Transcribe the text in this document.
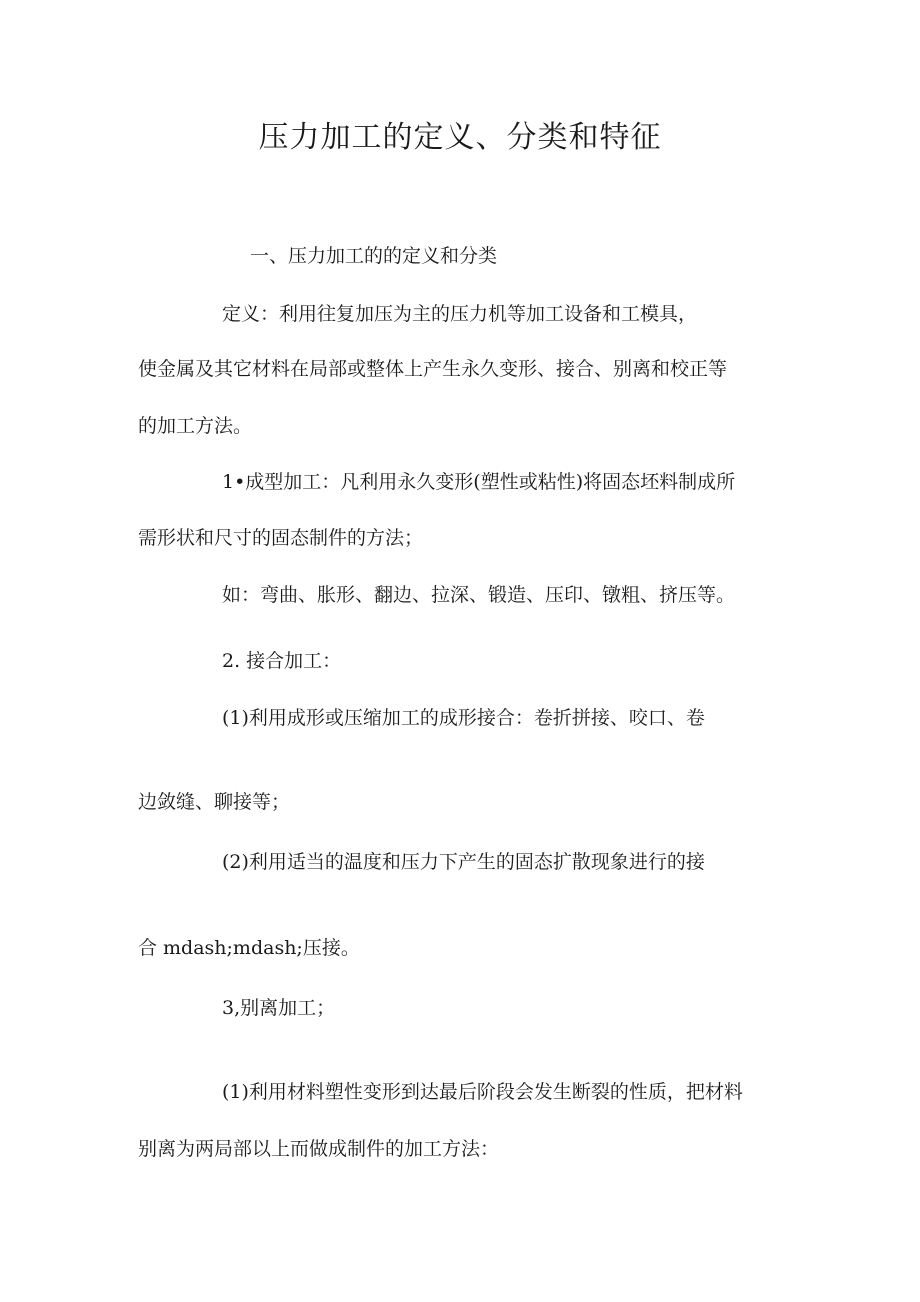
压力加工的定义、分类和特征

一、压力加工的的定义和分类

定义：利用往复加压为主的压力机等加工设备和工模具，

使金属及其它材料在局部或整体上产生永久变形、接合、别离和校正等

的加工方法。

1•成型加工：凡利用永久变形(塑性或粘性)将固态坯料制成所

需形状和尺寸的固态制件的方法；

如：弯曲、胀形、翻边、拉深、锻造、压印、镦粗、挤压等。

2. 接合加工：

(1)利用成形或压缩加工的成形接合：卷折拼接、咬口、卷

边敛缝、聊接等；

(2)利用适当的温度和压力下产生的固态扩散现象进行的接

合 mdash;mdash;压接。

3,别离加工；

(1)利用材料塑性变形到达最后阶段会发生断裂的性质，把材料

别离为两局部以上而做成制件的加工方法：
